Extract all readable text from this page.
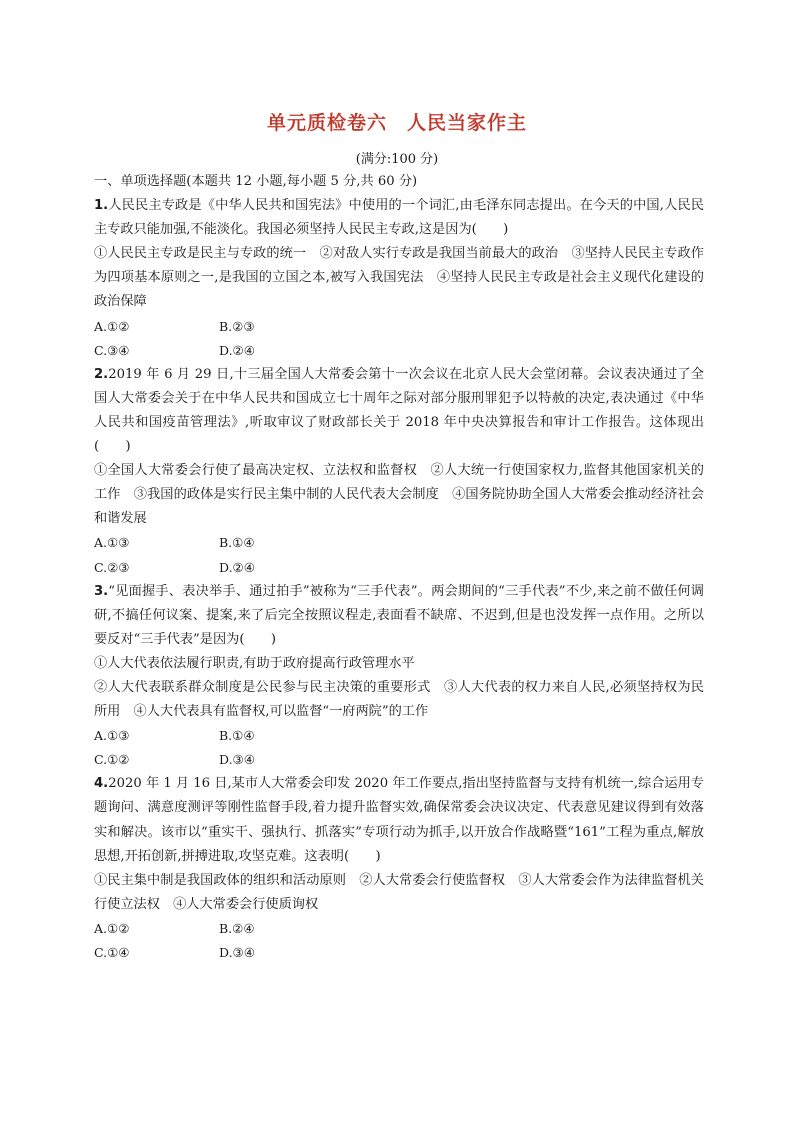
单元质检卷六　人民当家作主
(满分:100 分)

一、单项选择题(本题共 12 小题,每小题 5 分,共 60 分)

1.人民民主专政是《中华人民共和国宪法》中使用的一个词汇,由毛泽东同志提出。在今天的中国,人民民主专政只能加强,不能淡化。我国必须坚持人民民主专政,这是因为(　　)

①人民民主专政是民主与专政的统一　②对敌人实行专政是我国当前最大的政治　③坚持人民民主专政作为四项基本原则之一,是我国的立国之本,被写入我国宪法　④坚持人民民主专政是社会主义现代化建设的政治保障

A.①②	B.②③
C.③④	D.②④

2.2019 年 6 月 29 日,十三届全国人大常委会第十一次会议在北京人民大会堂闭幕。会议表决通过了全国人大常委会关于在中华人民共和国成立七十周年之际对部分服刑罪犯予以特赦的决定,表决通过《中华人民共和国疫苗管理法》,听取审议了财政部长关于 2018 年中央决算报告和审计工作报告。这体现出(　　)

①全国人大常委会行使了最高决定权、立法权和监督权　②人大统一行使国家权力,监督其他国家机关的工作　③我国的政体是实行民主集中制的人民代表大会制度　④国务院协助全国人大常委会推动经济社会和谐发展

A.①③	B.①④
C.②③	D.②④

3.“见面握手、表决举手、通过拍手”被称为“三手代表”。两会期间的“三手代表”不少,来之前不做任何调研,不搞任何议案、提案,来了后完全按照议程走,表面看不缺席、不迟到,但是也没发挥一点作用。之所以要反对“三手代表”是因为(　　)

①人大代表依法履行职责,有助于政府提高行政管理水平

②人大代表联系群众制度是公民参与民主决策的重要形式　③人大代表的权力来自人民,必须坚持权为民所用　④人大代表具有监督权,可以监督“一府两院”的工作

A.①③	B.①④
C.①②	D.③④

4.2020 年 1 月 16 日,某市人大常委会印发 2020 年工作要点,指出坚持监督与支持有机统一,综合运用专题询问、满意度测评等刚性监督手段,着力提升监督实效,确保常委会决议决定、代表意见建议得到有效落实和解决。该市以“重实干、强执行、抓落实”专项行动为抓手,以开放合作战略暨“161”工程为重点,解放思想,开拓创新,拼搏进取,攻坚克难。这表明(　　)

①民主集中制是我国政体的组织和活动原则　②人大常委会行使监督权　③人大常委会作为法律监督机关行使立法权　④人大常委会行使质询权

A.①②	B.②④
C.①④	D.③④
